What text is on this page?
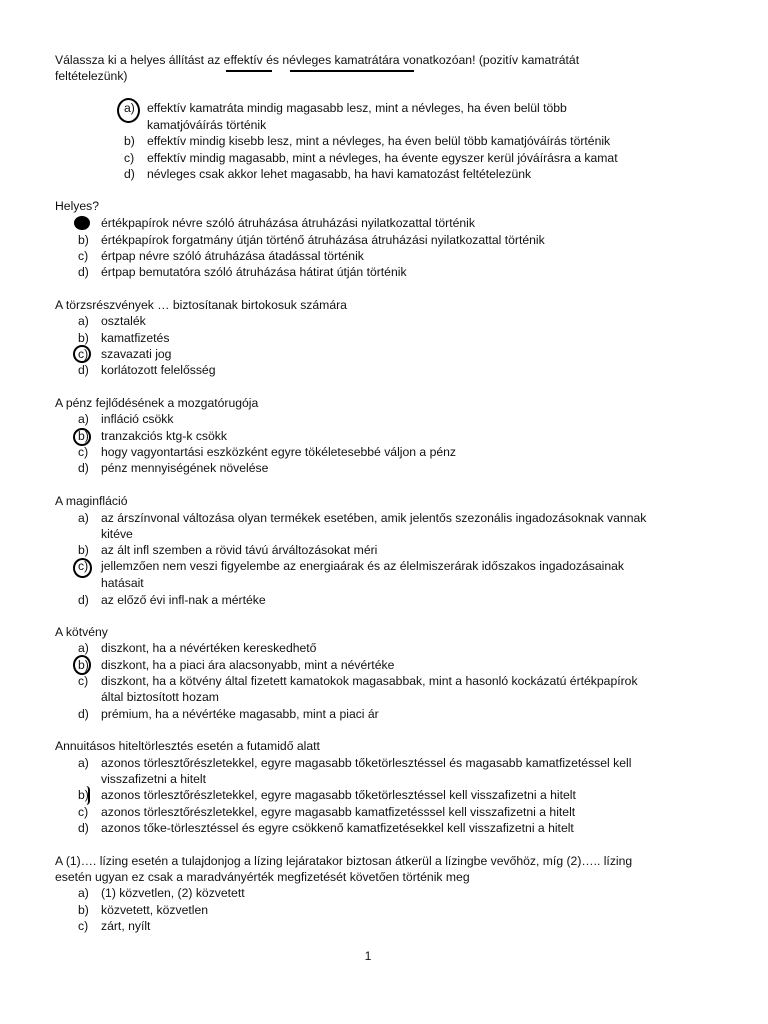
Válassza ki a helyes állítást az effektív és névleges kamatrátára vonatkozóan! (pozitív kamatrátát
feltételezünk)
a) effektív kamatráta mindig magasabb lesz, mint a névleges, ha éven belül több
kamatjóváírás történik
b) effektív mindig kisebb lesz, mint a névleges, ha éven belül több kamatjóváírás történik
c) effektív mindig magasabb, mint a névleges, ha évente egyszer kerül jóváírásra a kamat
d) névleges csak akkor lehet magasabb, ha havi kamatozást feltételezünk
Helyes?
értékpapírok névre szóló átruházása átruházási nyilatkozattal történik
b) értékpapírok forgatmány útján történő átruházása átruházási nyilatkozattal történik
c) értpap névre szóló átruházása átadással történik
d) értpap bemutatóra szóló átruházása hátirat útján történik
A törzsrészvények … biztosítanak birtokosuk számára
a) osztalék
b) kamatfizetés
c) szavazati jog
d) korlátozott felelősség
A pénz fejlődésének a mozgatórugója
a) infláció csökk
b) tranzakciós ktg-k csökk
c) hogy vagyontartási eszközként egyre tökéletesebbé váljon a pénz
d) pénz mennyiségének növelése
A maginfláció
a) az árszínvonal változása olyan termékek esetében, amik jelentős szezonális ingadozásoknak vannak
kitéve
b) az ált infl szemben a rövid távú árváltozásokat méri
c) jellemzően nem veszi figyelembe az energiaárak és az élelmiszerárak időszakos ingadozásainak
hatásait
d) az előző évi infl-nak a mértéke
A kötvény
a) diszkont, ha a névértéken kereskedhető
b) diszkont, ha a piaci ára alacsonyabb, mint a névértéke
c) diszkont, ha a kötvény által fizetett kamatokok magasabbak, mint a hasonló kockázatú értékpapírok
által biztosított hozam
d) prémium, ha a névértéke magasabb, mint a piaci ár
Annuitásos hiteltörlesztés esetén a futamidő alatt
a) azonos törlesztőrészletekkel, egyre magasabb tőketörlesztéssel és magasabb kamatfizetéssel kell
visszafizetni a hitelt
b) azonos törlesztőrészletekkel, egyre magasabb tőketörlesztéssel kell visszafizetni a hitelt
c) azonos törlesztőrészletekkel, egyre magasabb kamatfizetésssel kell visszafizetni a hitelt
d) azonos tőke-törlesztéssel és egyre csökkenő kamatfizetésekkel kell visszafizetni a hitelt
A (1)…. lízing esetén a tulajdonjog a lízing lejáratakor biztosan átkerül a lízingbe vevőhöz, míg (2)….. lízing
esetén ugyan ez csak a maradványérték megfizetését követően történik meg
a) (1) közvetlen, (2) közvetett
b) közvetett, közvetlen
c) zárt, nyílt
1
